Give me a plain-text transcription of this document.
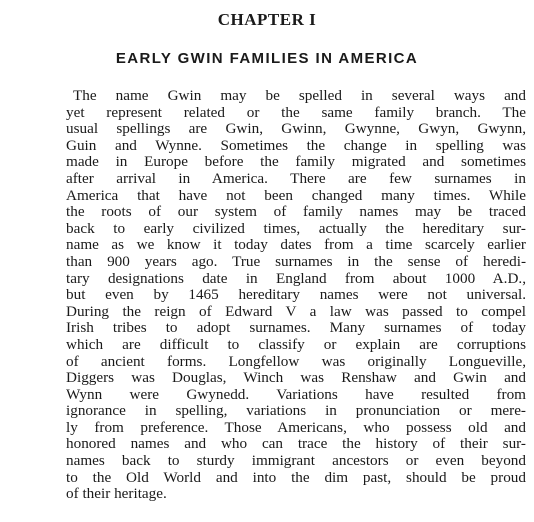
CHAPTER I
EARLY GWIN FAMILIES IN AMERICA
The name Gwin may be spelled in several ways and
yet represent related or the same family branch. The
usual spellings are Gwin, Gwinn, Gwynne, Gwyn, Gwynn,
Guin and Wynne. Sometimes the change in spelling was
made in Europe before the family migrated and sometimes
after arrival in America. There are few surnames in
America that have not been changed many times. While
the roots of our system of family names may be traced
back to early civilized times, actually the hereditary sur-
name as we know it today dates from a time scarcely earlier
than 900 years ago. True surnames in the sense of heredi-
tary designations date in England from about 1000 A.D.,
but even by 1465 hereditary names were not universal.
During the reign of Edward V a law was passed to compel
Irish tribes to adopt surnames. Many surnames of today
which are difficult to classify or explain are corruptions
of ancient forms. Longfellow was originally Longueville,
Diggers was Douglas, Winch was Renshaw and Gwin and
Wynn were Gwynedd. Variations have resulted from
ignorance in spelling, variations in pronunciation or mere-
ly from preference. Those Americans, who possess old and
honored names and who can trace the history of their sur-
names back to sturdy immigrant ancestors or even beyond
to the Old World and into the dim past, should be proud
of their heritage.
